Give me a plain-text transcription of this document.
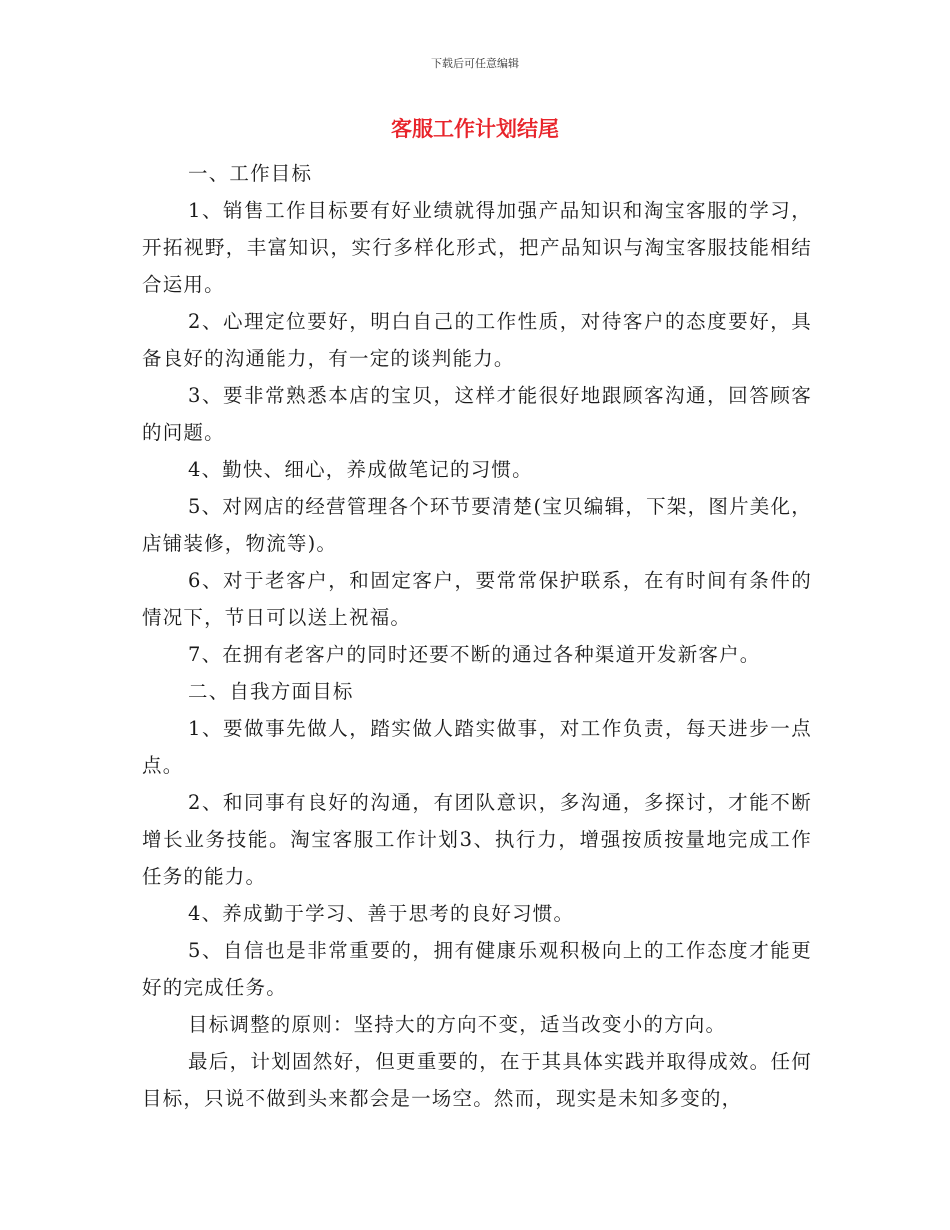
下载后可任意编辑
客服工作计划结尾

一、工作目标

1、销售工作目标要有好业绩就得加强产品知识和淘宝客服的学习，开拓视野，丰富知识，实行多样化形式，把产品知识与淘宝客服技能相结合运用。

2、心理定位要好，明白自己的工作性质，对待客户的态度要好，具备良好的沟通能力，有一定的谈判能力。

3、要非常熟悉本店的宝贝，这样才能很好地跟顾客沟通，回答顾客的问题。

4、勤快、细心，养成做笔记的习惯。

5、对网店的经营管理各个环节要清楚(宝贝编辑，下架，图片美化，店铺装修，物流等)。

6、对于老客户，和固定客户，要常常保护联系，在有时间有条件的情况下，节日可以送上祝福。

7、在拥有老客户的同时还要不断的通过各种渠道开发新客户。

二、自我方面目标

1、要做事先做人，踏实做人踏实做事，对工作负责，每天进步一点点。

2、和同事有良好的沟通，有团队意识，多沟通，多探讨，才能不断增长业务技能。淘宝客服工作计划3、执行力，增强按质按量地完成工作任务的能力。

4、养成勤于学习、善于思考的良好习惯。

5、自信也是非常重要的，拥有健康乐观积极向上的工作态度才能更好的完成任务。

目标调整的原则：坚持大的方向不变，适当改变小的方向。

最后，计划固然好，但更重要的，在于其具体实践并取得成效。任何目标，只说不做到头来都会是一场空。然而，现实是未知多变的，
